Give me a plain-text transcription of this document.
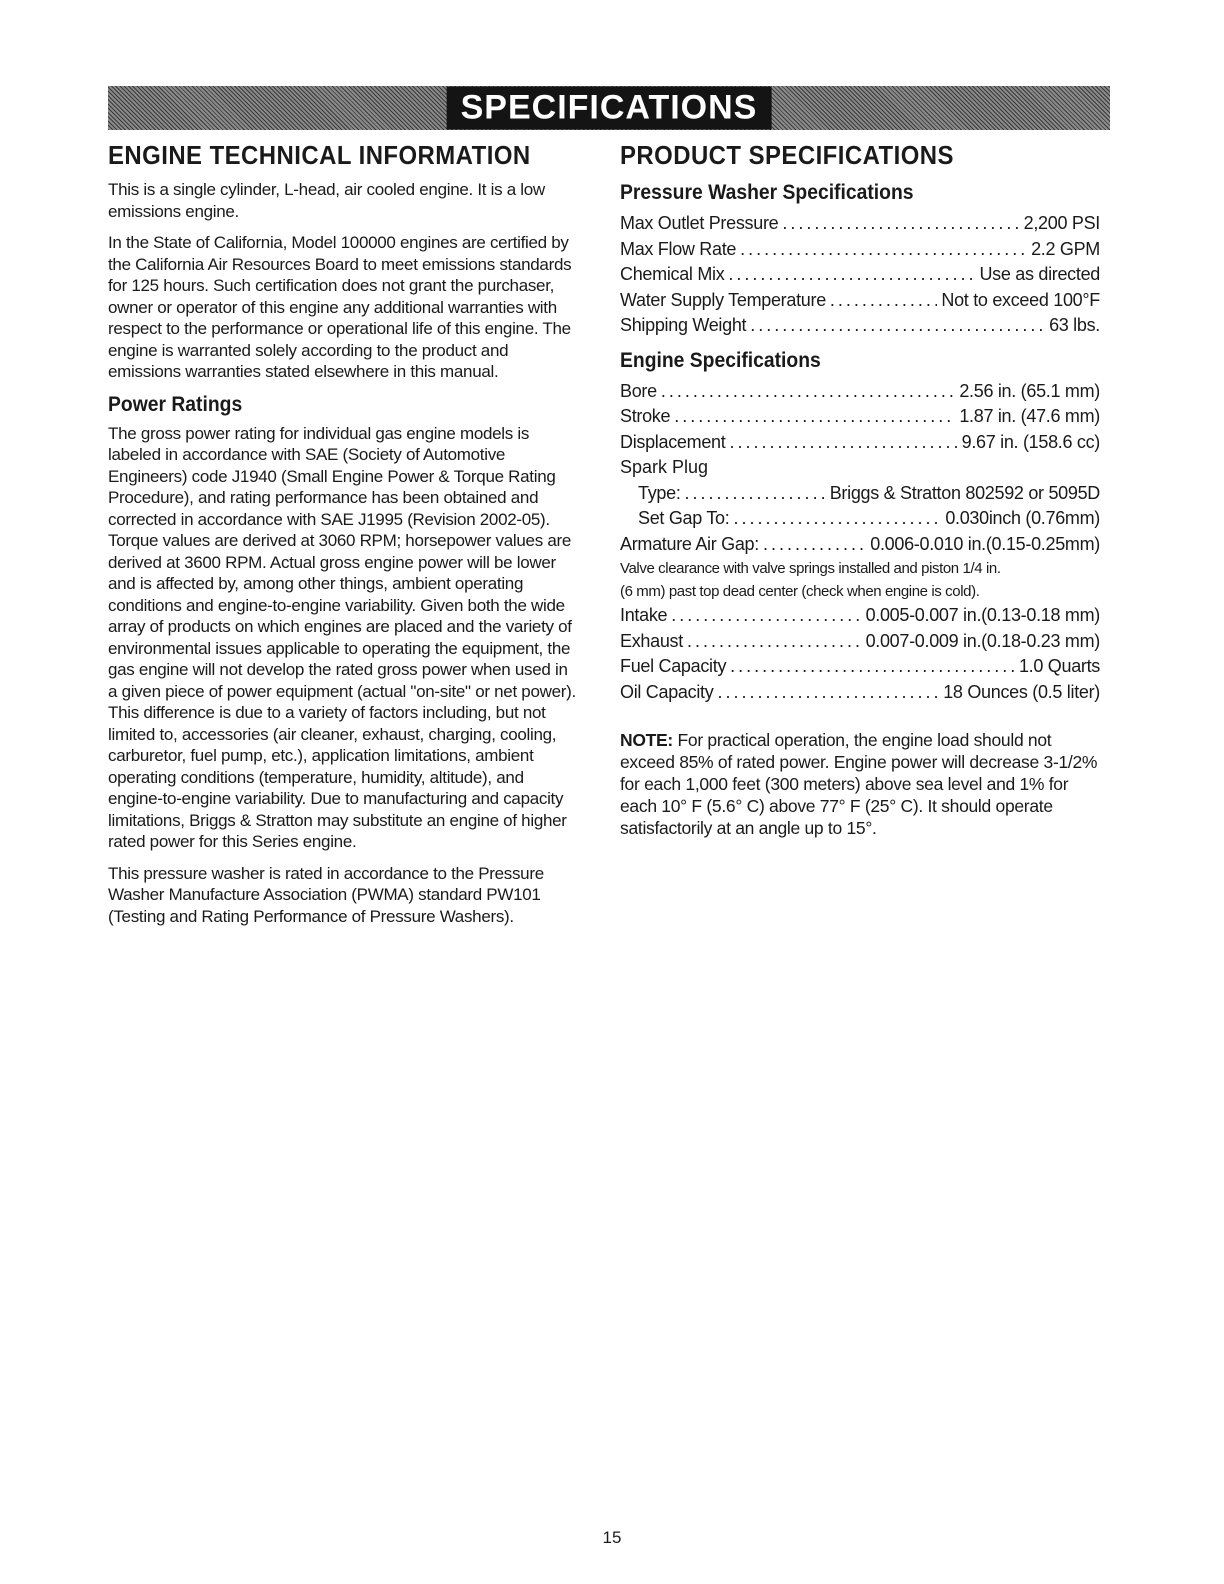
SPECIFICATIONS
ENGINE TECHNICAL INFORMATION

This is a single cylinder, L-head, air cooled engine. It is a low emissions engine.

In the State of California, Model 100000 engines are certified by the California Air Resources Board to meet emissions standards for 125 hours. Such certification does not grant the purchaser, owner or operator of this engine any additional warranties with respect to the performance or operational life of this engine. The engine is warranted solely according to the product and emissions warranties stated elsewhere in this manual.

Power Ratings

The gross power rating for individual gas engine models is labeled in accordance with SAE (Society of Automotive Engineers) code J1940 (Small Engine Power & Torque Rating Procedure), and rating performance has been obtained and corrected in accordance with SAE J1995 (Revision 2002-05). Torque values are derived at 3060 RPM; horsepower values are derived at 3600 RPM. Actual gross engine power will be lower and is affected by, among other things, ambient operating conditions and engine-to-engine variability. Given both the wide array of products on which engines are placed and the variety of environmental issues applicable to operating the equipment, the gas engine will not develop the rated gross power when used in a given piece of power equipment (actual "on-site" or net power). This difference is due to a variety of factors including, but not limited to, accessories (air cleaner, exhaust, charging, cooling, carburetor, fuel pump, etc.), application limitations, ambient operating conditions (temperature, humidity, altitude), and engine-to-engine variability. Due to manufacturing and capacity limitations, Briggs & Stratton may substitute an engine of higher rated power for this Series engine.

This pressure washer is rated in accordance to the Pressure Washer Manufacture Association (PWMA) standard PW101 (Testing and Rating Performance of Pressure Washers).

PRODUCT SPECIFICATIONS
Pressure Washer Specifications
Max Outlet Pressure . . .	2,200 PSI
Max Flow Rate . . .	2.2 GPM
Chemical Mix . . .	Use as directed
Water Supply Temperature . . .	Not to exceed 100°F
Shipping Weight . . .	63 lbs.
Engine Specifications
Bore . . .	2.56 in. (65.1 mm)
Stroke . . .	1.87 in. (47.6 mm)
Displacement . . .	9.67 in. (158.6 cc)
Spark Plug
Type: . . .	Briggs & Stratton 802592 or 5095D
Set Gap To: . . .	0.030inch (0.76mm)
Armature Air Gap: . . .	0.006-0.010 in.(0.15-0.25mm)
Valve clearance with valve springs installed and piston 1/4 in.
(6 mm) past top dead center (check when engine is cold).
Intake . . .	0.005-0.007 in.(0.13-0.18 mm)
Exhaust . . .	0.007-0.009 in.(0.18-0.23 mm)
Fuel Capacity . . .	1.0 Quarts
Oil Capacity . . .	18 Ounces (0.5 liter)

NOTE: For practical operation, the engine load should not exceed 85% of rated power. Engine power will decrease 3-1/2% for each 1,000 feet (300 meters) above sea level and 1% for each 10° F (5.6° C) above 77° F (25° C). It should operate satisfactorily at an angle up to 15°.

15
